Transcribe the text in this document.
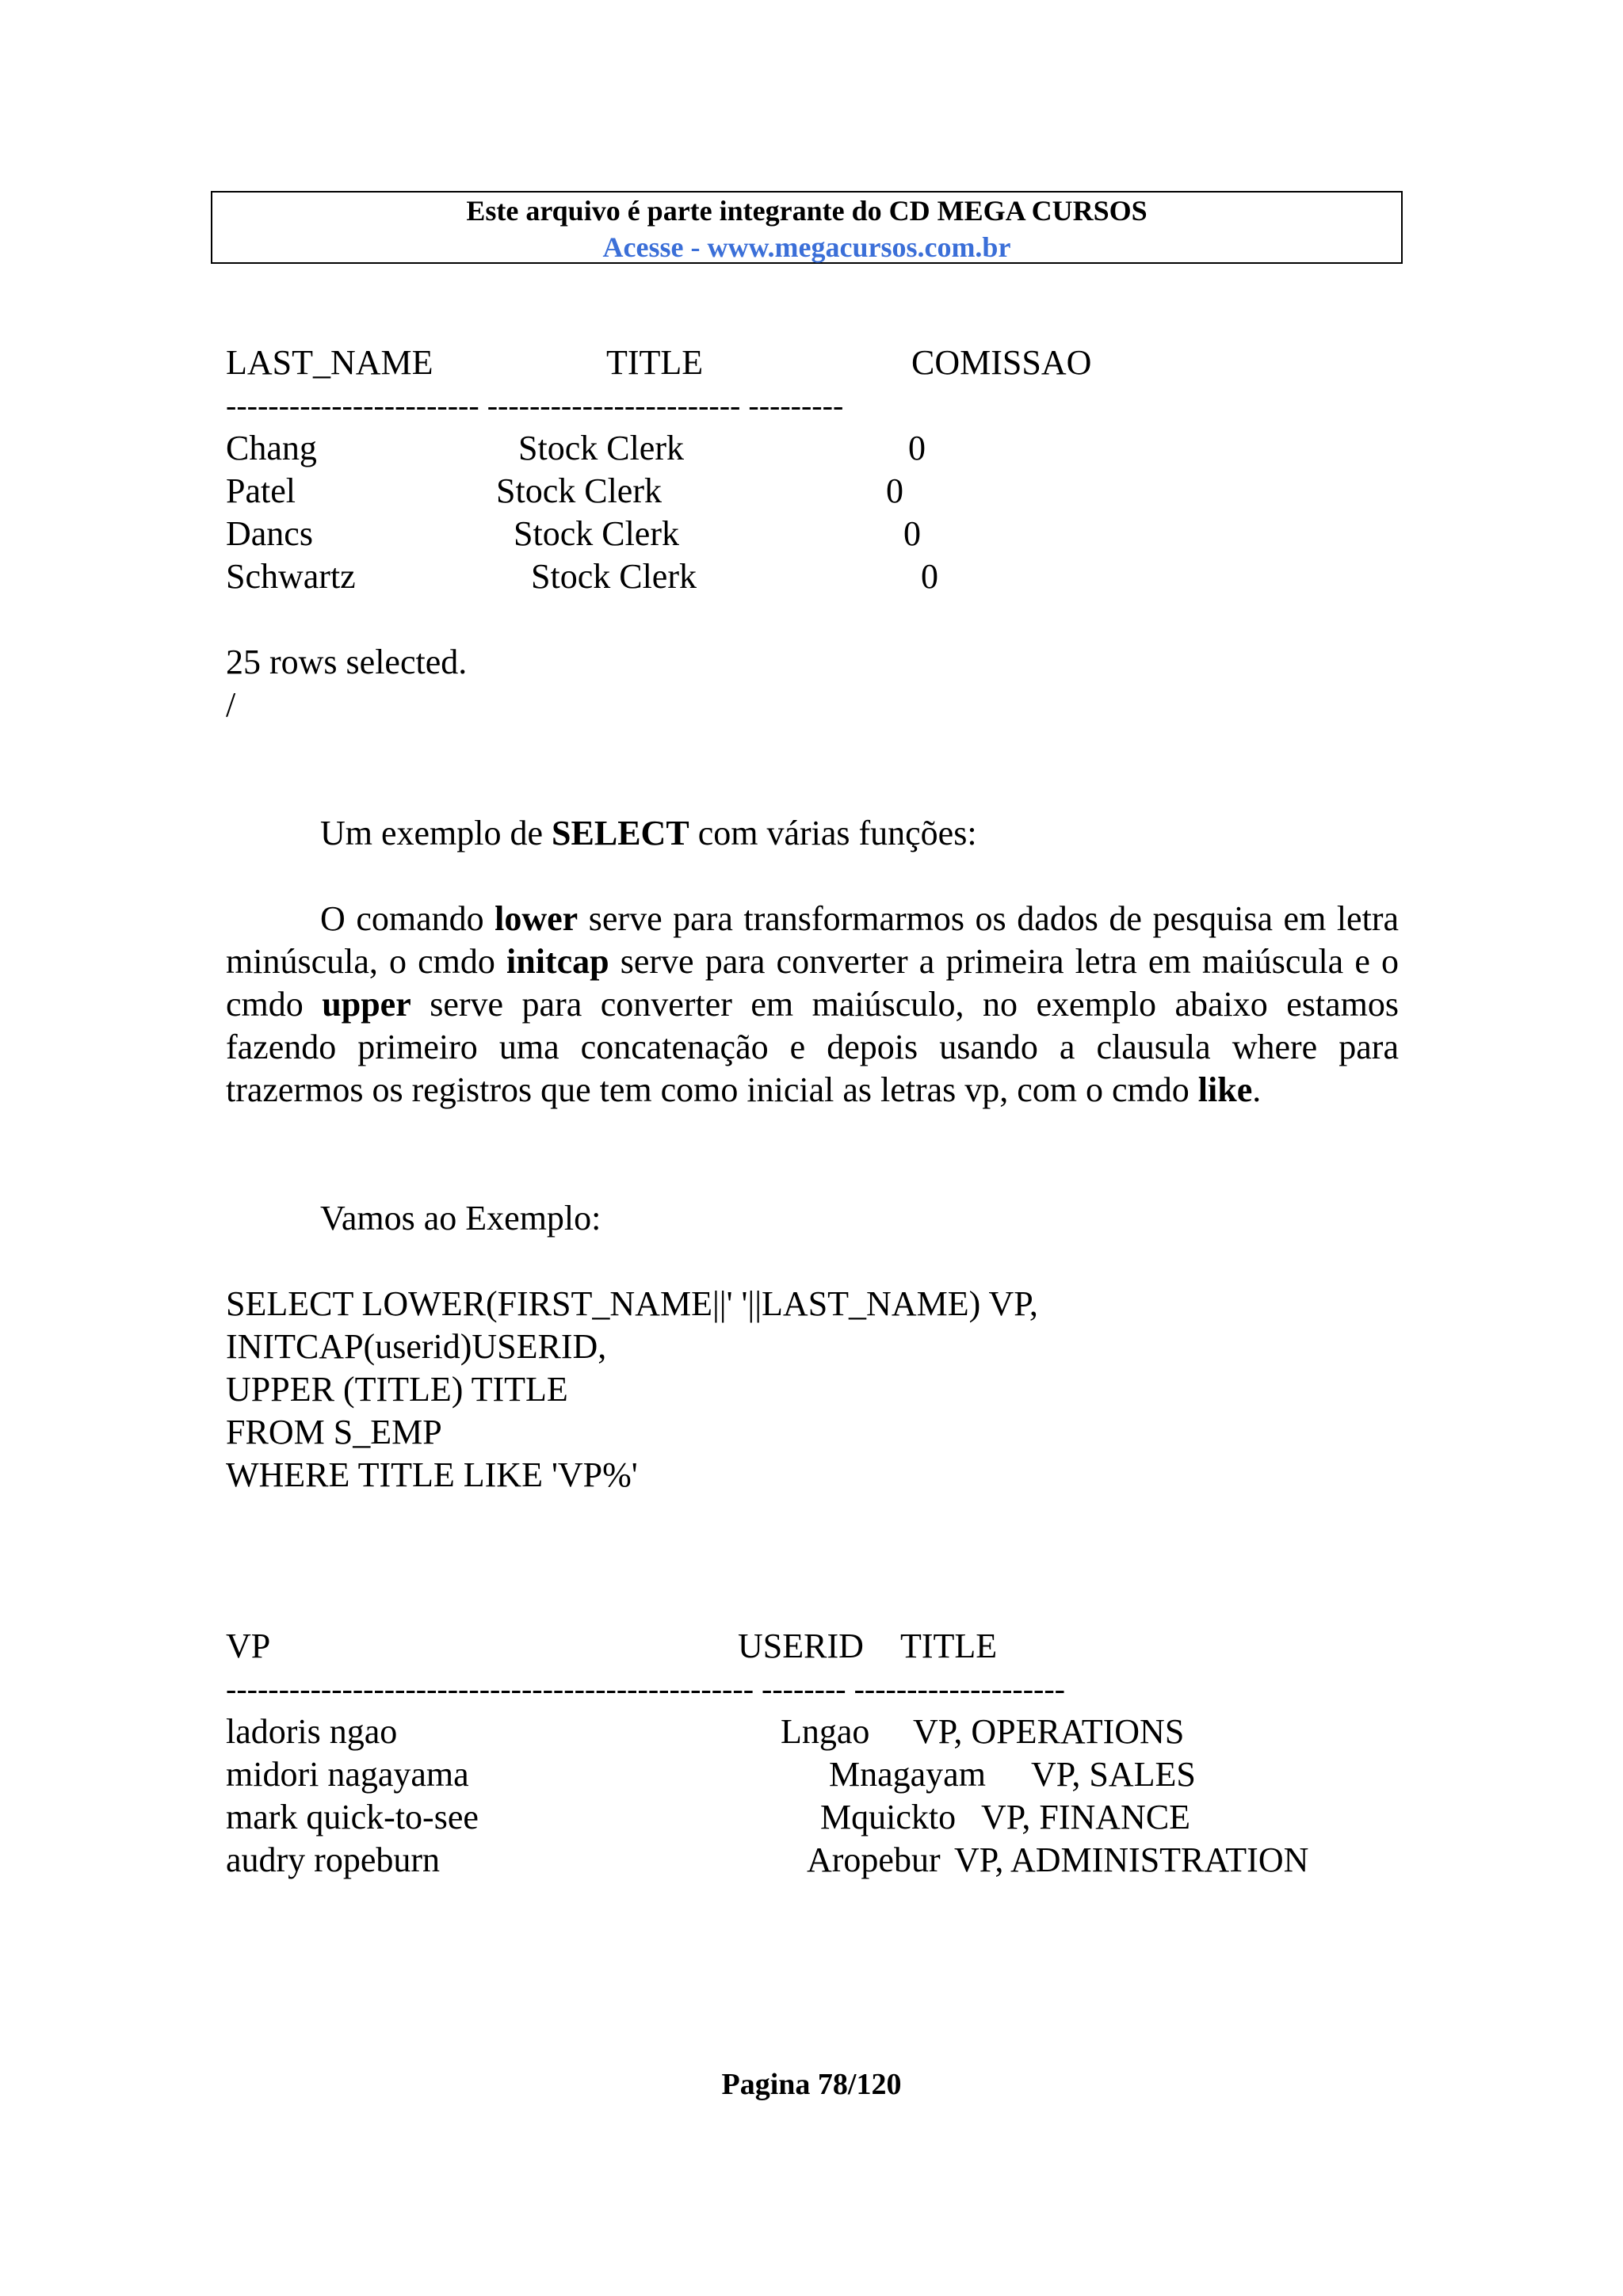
Este arquivo é parte integrante do CD MEGA CURSOS
Acesse - www.megacursos.com.br
LAST_NAME	TITLE	COMISSAO
------------------------ ------------------------ ---------
Chang	Stock Clerk	0
Patel	Stock Clerk	0
Dancs	Stock Clerk	0
Schwartz	Stock Clerk	0
25 rows selected.
/

Um exemplo de SELECT com várias funções:

O comando lower serve para transformarmos os dados de pesquisa em letra minúscula, o cmdo initcap serve para converter a primeira letra em maiúscula e o cmdo upper serve para converter em maiúsculo, no exemplo abaixo estamos fazendo primeiro uma concatenação e depois usando a clausula where para trazermos os registros que tem como inicial as letras vp, com o cmdo like.

Vamos ao Exemplo:

SELECT LOWER(FIRST_NAME||' '||LAST_NAME) VP,
INITCAP(userid)USERID,
UPPER (TITLE) TITLE
FROM S_EMP
WHERE TITLE LIKE 'VP%'
VP	USERID TITLE
-------------------------------------------------- -------- --------------------
ladoris ngao	Lngao VP, OPERATIONS
midori nagayama	Mnagayam VP, SALES
mark quick-to-see	Mquickto VP, FINANCE
audry ropeburn	Aropebur VP, ADMINISTRATION
Pagina 78/120
